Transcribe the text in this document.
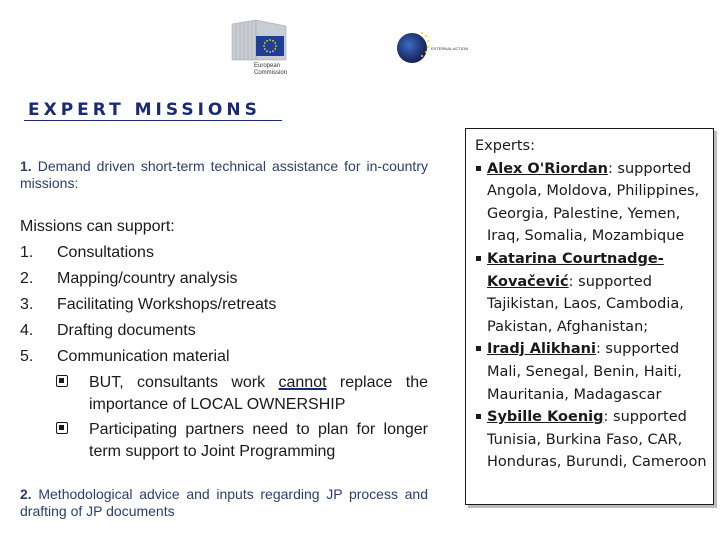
European
Commission
EXTERNAL ACTION
EXPERT MISSIONS
1. Demand driven short-term technical assistance for in-country missions:
Missions can support:
1. Consultations
2. Mapping/country analysis
3. Facilitating Workshops/retreats
4. Drafting documents
5. Communication material
BUT, consultants work cannot replace the importance of LOCAL OWNERSHIP
Participating partners need to plan for longer term support to Joint Programming
2. Methodological advice and inputs regarding JP process and drafting of JP documents
Experts:
Alex O'Riordan: supported Angola, Moldova, Philippines, Georgia, Palestine, Yemen, Iraq, Somalia, Mozambique
Katarina Courtnadge-Kovačević: supported Tajikistan, Laos, Cambodia, Pakistan, Afghanistan;
Iradj Alikhani: supported Mali, Senegal, Benin, Haiti, Mauritania, Madagascar
Sybille Koenig: supported Tunisia, Burkina Faso, CAR, Honduras, Burundi, Cameroon
